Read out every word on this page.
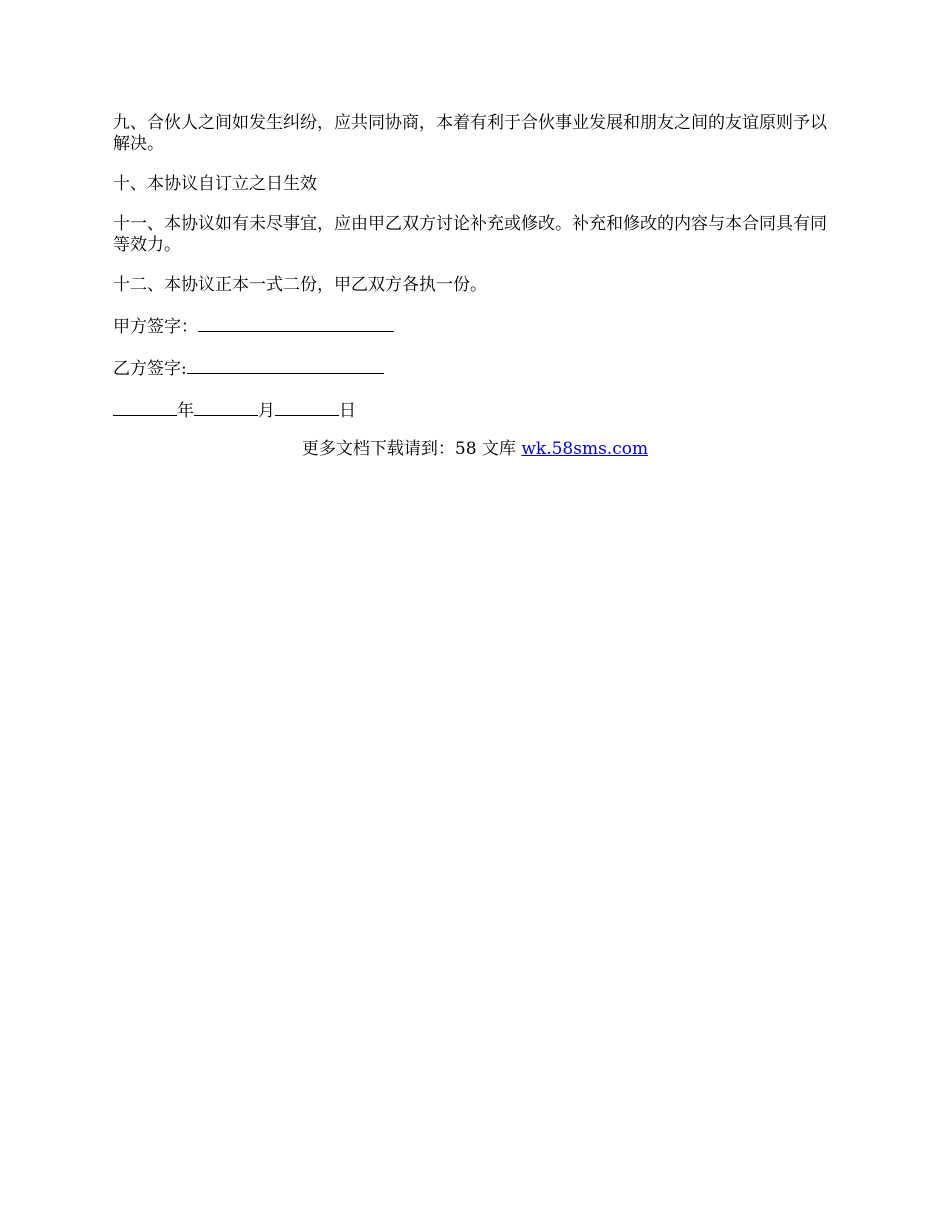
九、合伙人之间如发生纠纷，应共同协商，本着有利于合伙事业发展和朋友之间的友谊原则予以解决。

十、本协议自订立之日生效

十一、本协议如有未尽事宜，应由甲乙双方讨论补充或修改。补充和修改的内容与本合同具有同等效力。

十二、本协议正本一式二份，甲乙双方各执一份。

甲方签字：

乙方签字:

年	月	日

更多文档下载请到：58 文库 wk.58sms.com
